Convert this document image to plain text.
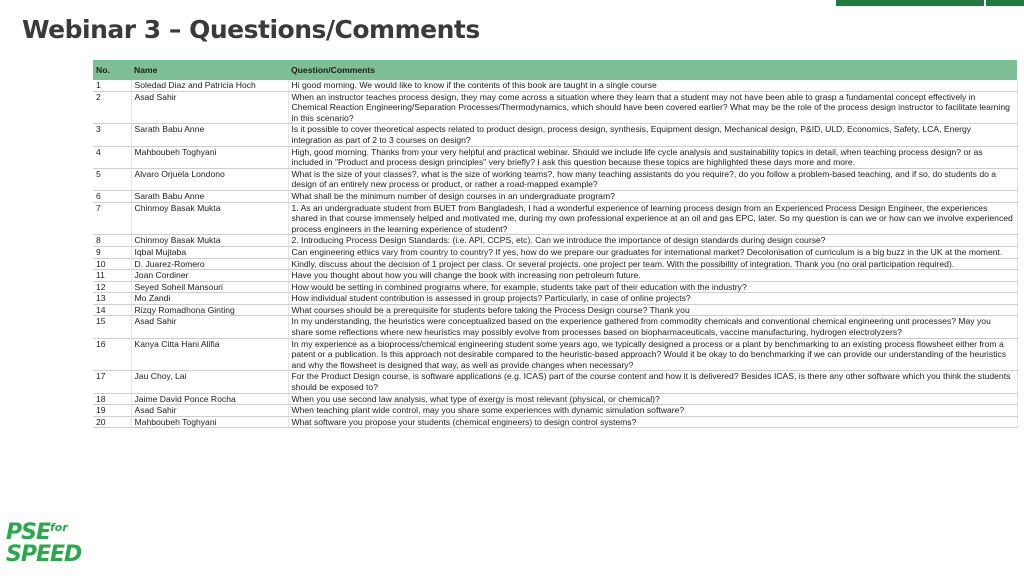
Webinar 3 – Questions/Comments
No.	Name	Question/Comments
1	Soledad Diaz and Patricia Hoch	Hi good morning. We would like to know if the contents of this book are taught in a single course
2	Asad Sahir	When an instructor teaches process design, they may come across a situation where they learn that a student may not have been able to grasp a fundamental concept effectively in Chemical Reaction Engineering/Separation Processes/Thermodynamics, which should have been covered earlier? What may be the role of the process design instructor to facilitate learning in this scenario?
3	Sarath Babu Anne	Is it possible to cover theoretical aspects related to product design, process design, synthesis, Equipment design, Mechanical design, P&ID, ULD, Economics, Safety, LCA, Energy integration as part of 2 to 3 courses on design?
4	Mahboubeh Toghyani	High, good morning. Thanks from your very helpful and practical webinar. Should we include life cycle analysis and sustainability topics in detail, when teaching process design? or as included in "Product and process design principles" very briefly? I ask this question because these topics are highlighted these days more and more.
5	Alvaro Orjuela Londono	What is the size of your classes?, what is the size of working teams?, how many teaching assistants do you require?, do you follow a problem-based teaching, and if so, do students do a design of an entirely new process or product, or rather a road-mapped example?
6	Sarath Babu Anne	What shall be the minimum number of design courses in an undergraduate program?
7	Chinmoy Basak Mukta	1. As an undergraduate student from BUET from Bangladesh, I had a wonderful experience of learning process design from an Experienced Process Design Engineer, the experiences shared in that course immensely helped and motivated me, during my own professional experience at an oil and gas EPC, later. So my question is can we or how can we involve experienced process engineers in the learning experience of student?
8	Chinmoy Basak Mukta	2. Introducing Process Design Standards: (i.e. API, CCPS, etc). Can we introduce the importance of design standards during design course?
9	Iqbal Mujtaba	Can engineering ethics vary from country to country? If yes, how do we prepare our graduates for international market? Decolonisation of curriculum is a big buzz in the UK at the moment.
10	D. Juarez-Romero	Kindly, discuss about the decision of 1 project per class. Or several projects. one project per team. With the possibility of integration. Thank you (no oral participation required).
11	Joan Cordiner	Have you thought about how you will change the book with increasing non petroleum future.
12	Seyed Soheil Mansouri	How would be setting in combined programs where, for example, students take part of their education with the industry?
13	Mo Zandi	How individual student contribution is assessed in group projects? Particularly, in case of online projects?
14	Rizqy Romadhona Ginting	What courses should be a prerequisite for students before taking the Process Design course? Thank you
15	Asad Sahir	In my understanding, the heuristics were conceptualized based on the experience gathered from commodity chemicals and conventional chemical engineering unit processes? May you share some reflections where new heuristics may possibly evolve from processes based on biopharmaceuticals, vaccine manufacturing, hydrogen electrolyzers?
16	Kanya Citta Hani Alifia	In my experience as a bioprocess/chemical engineering student some years ago, we typically designed a process or a plant by benchmarking to an existing process flowsheet either from a patent or a publication. Is this approach not desirable compared to the heuristic-based approach? Would it be okay to do benchmarking if we can provide our understanding of the heuristics and why the flowsheet is designed that way, as well as provide changes when necessary?
17	Jau Choy, Lai	For the Product Design course, is software applications (e.g. ICAS) part of the course content and how it is delivered? Besides ICAS, is there any other software which you think the students should be exposed to?
18	Jaime David Ponce Rocha	When you use second law analysis, what type of exergy is most relevant (physical, or chemical)?
19	Asad Sahir	When teaching plant wide control, may you share some experiences with dynamic simulation software?
20	Mahboubeh Toghyani	What software you propose your students (chemical engineers) to design control systems?
$PSE^{for}$
SPEED
